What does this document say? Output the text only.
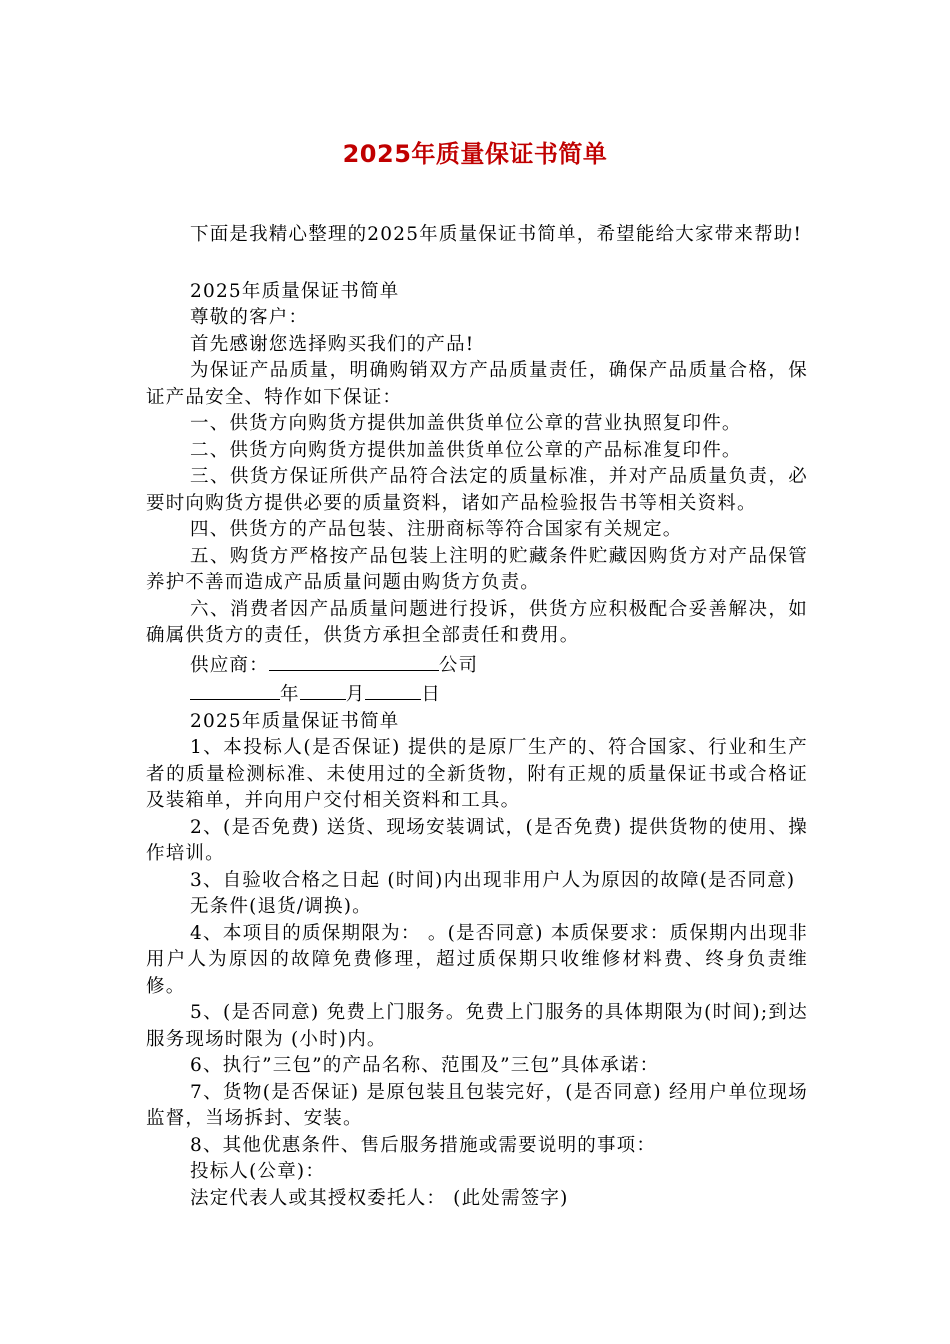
2025年质量保证书简单

下面是我精心整理的2025年质量保证书简单，希望能给大家带来帮助!

2025年质量保证书简单

尊敬的客户：

首先感谢您选择购买我们的产品!

为保证产品质量，明确购销双方产品质量责任，确保产品质量合格，保证产品安全、特作如下保证：

一、供货方向购货方提供加盖供货单位公章的营业执照复印件。

二、供货方向购货方提供加盖供货单位公章的产品标准复印件。

三、供货方保证所供产品符合法定的质量标准，并对产品质量负责，必要时向购货方提供必要的质量资料，诸如产品检验报告书等相关资料。

四、供货方的产品包装、注册商标等符合国家有关规定。

五、购货方严格按产品包装上注明的贮藏条件贮藏因购货方对产品保管养护不善而造成产品质量问题由购货方负责。

六、消费者因产品质量问题进行投诉，供货方应积极配合妥善解决，如确属供货方的责任，供货方承担全部责任和费用。

供应商：	公司

年 月	日

2025年质量保证书简单

1、本投标人(是否保证) 提供的是原厂生产的、符合国家、行业和生产者的质量检测标准、未使用过的全新货物，附有正规的质量保证书或合格证及装箱单，并向用户交付相关资料和工具。

2、(是否免费) 送货、现场安装调试，(是否免费) 提供货物的使用、操作培训。

3、自验收合格之日起 (时间)内出现非用户人为原因的故障(是否同意)

无条件(退货/调换)。

4、本项目的质保期限为： 。(是否同意) 本质保要求：质保期内出现非用户人为原因的故障免费修理，超过质保期只收维修材料费、终身负责维修。

5、(是否同意) 免费上门服务。免费上门服务的具体期限为(时间);到达服务现场时限为 (小时)内。

6、执行”三包”的产品名称、范围及”三包”具体承诺：

7、货物(是否保证) 是原包装且包装完好，(是否同意) 经用户单位现场监督，当场拆封、安装。

8、其他优惠条件、售后服务措施或需要说明的事项：

投标人(公章)：

法定代表人或其授权委托人： (此处需签字)
